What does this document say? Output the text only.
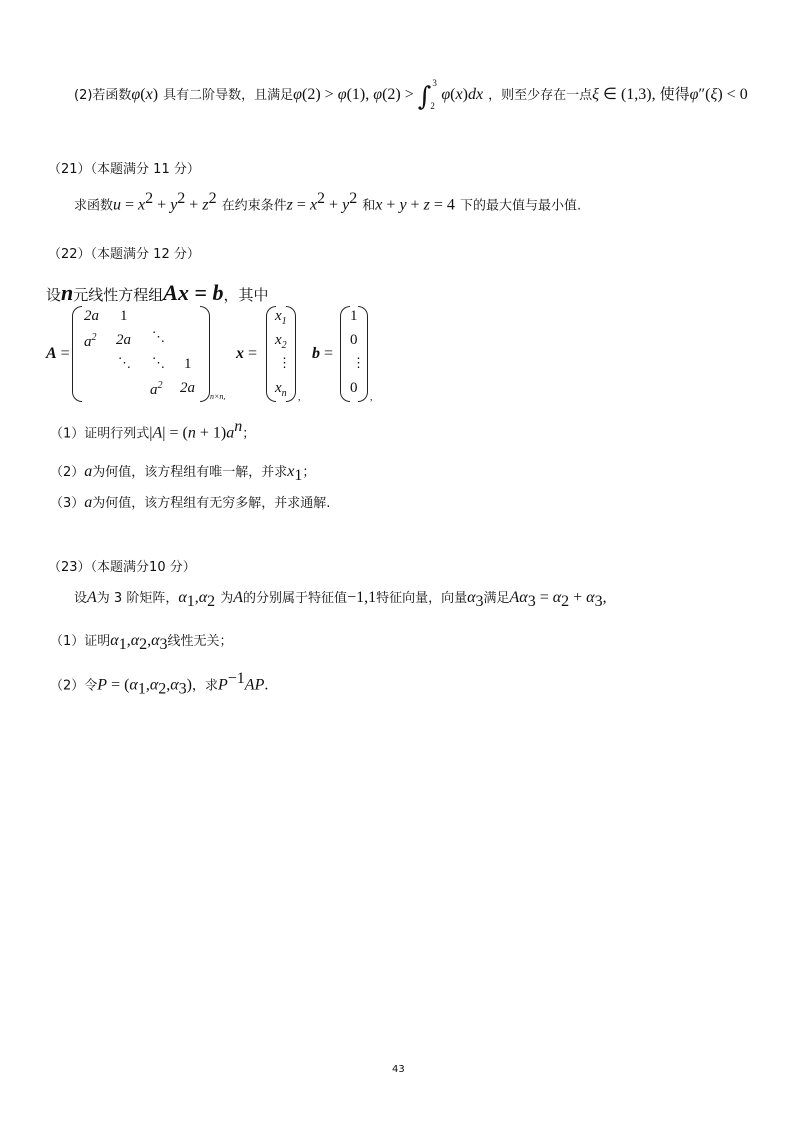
(2)若函数φ(x) 具有二阶导数，且满足φ(2) > φ(1), φ(2) > ∫ 3
2
φ(x)dx ，则至少存在一点ξ ∈ (1,3), 使得φ″(ξ) < 0
（21）（本题满分 11 分）
求函数$u = x^2 + y^2 + z^2$ 在约束条件$z = x^2 + y^2$ 和x + y + z = 4 下的最大值与最小值.
（22）（本题满分 12 分）
设n元线性方程组Ax = b，其中
A =
2a 1
$a^2$ 2a ⋱
⋱ ⋱ 1
$a^2$ 2a
n×n,
x =
$x_1$
$x_2$
⋮
$x_n$ ,
b =
1
0
⋮
0
,
（1）证明行列式$|A| = (n + 1)a^n$；
（2）a为何值，该方程组有唯一解，并求$x_1$；
（3）a为何值，该方程组有无穷多解，并求通解.
（23）（本题满分10 分）
设A为 3 阶矩阵，$\alpha_1,\alpha_2$ 为A的分别属于特征值−1,1特征向量，向量$\alpha_3$满足$A\alpha_3 = \alpha_2 + \alpha_3$,
（1）证明$\alpha_1,\alpha_2,\alpha_3$线性无关；
（2）令$P = (\alpha_1,\alpha_2,\alpha_3)$，求$P^{-1}AP$.
43
